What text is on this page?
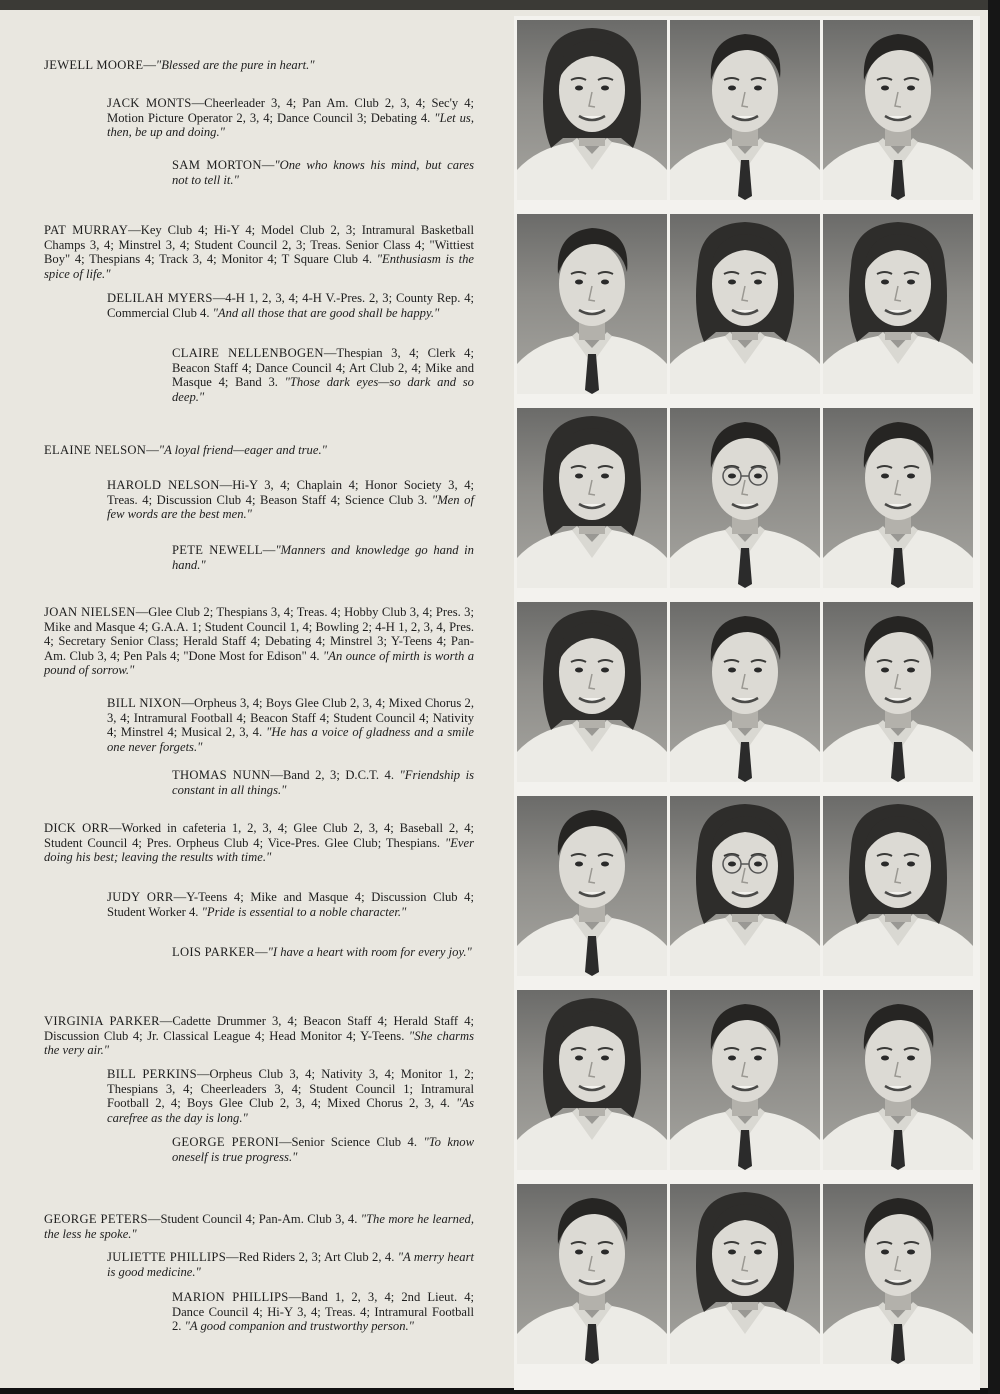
JEWELL MOORE—"Blessed are the pure in heart."
JACK MONTS—Cheerleader 3, 4; Pan Am. Club 2, 3, 4; Sec'y 4; Motion Picture Operator 2, 3, 4; Dance Council 3; Debating 4. "Let us, then, be up and doing."
SAM MORTON—"One who knows his mind, but cares not to tell it."
PAT MURRAY—Key Club 4; Hi-Y 4; Model Club 2, 3; Intramural Basketball Champs 3, 4; Minstrel 3, 4; Student Council 2, 3; Treas. Senior Class 4; "Wittiest Boy" 4; Thespians 4; Track 3, 4; Monitor 4; T Square Club 4. "Enthusiasm is the spice of life."
DELILAH MYERS—4-H 1, 2, 3, 4; 4-H V.-Pres. 2, 3; County Rep. 4; Commercial Club 4. "And all those that are good shall be happy."
CLAIRE NELLENBOGEN—Thespian 3, 4; Clerk 4; Beacon Staff 4; Dance Council 4; Art Club 2, 4; Mike and Masque 4; Band 3. "Those dark eyes—so dark and so deep."
ELAINE NELSON—"A loyal friend—eager and true."
HAROLD NELSON—Hi-Y 3, 4; Chaplain 4; Honor Society 3, 4; Treas. 4; Discussion Club 4; Beason Staff 4; Science Club 3. "Men of few words are the best men."
PETE NEWELL—"Manners and knowledge go hand in hand."
JOAN NIELSEN—Glee Club 2; Thespians 3, 4; Treas. 4; Hobby Club 3, 4; Pres. 3; Mike and Masque 4; G.A.A. 1; Student Council 1, 4; Bowling 2; 4-H 1, 2, 3, 4, Pres. 4; Secretary Senior Class; Herald Staff 4; Debating 4; Minstrel 3; Y-Teens 4; Pan-Am. Club 3, 4; Pen Pals 4; "Done Most for Edison" 4. "An ounce of mirth is worth a pound of sorrow."
BILL NIXON—Orpheus 3, 4; Boys Glee Club 2, 3, 4; Mixed Chorus 2, 3, 4; Intramural Football 4; Beacon Staff 4; Student Council 4; Nativity 4; Minstrel 4; Musical 2, 3, 4. "He has a voice of gladness and a smile one never forgets."
THOMAS NUNN—Band 2, 3; D.C.T. 4. "Friendship is constant in all things."
DICK ORR—Worked in cafeteria 1, 2, 3, 4; Glee Club 2, 3, 4; Baseball 2, 4; Student Council 4; Pres. Orpheus Club 4; Vice-Pres. Glee Club; Thespians. "Ever doing his best; leaving the results with time."
JUDY ORR—Y-Teens 4; Mike and Masque 4; Discussion Club 4; Student Worker 4. "Pride is essential to a noble character."
LOIS PARKER—"I have a heart with room for every joy."
VIRGINIA PARKER—Cadette Drummer 3, 4; Beacon Staff 4; Herald Staff 4; Discussion Club 4; Jr. Classical League 4; Head Monitor 4; Y-Teens. "She charms the very air."
BILL PERKINS—Orpheus Club 3, 4; Nativity 3, 4; Monitor 1, 2; Thespians 3, 4; Cheerleaders 3, 4; Student Council 1; Intramural Football 2, 4; Boys Glee Club 2, 3, 4; Mixed Chorus 2, 3, 4. "As carefree as the day is long."
GEORGE PERONI—Senior Science Club 4. "To know oneself is true progress."
GEORGE PETERS—Student Council 4; Pan-Am. Club 3, 4. "The more he learned, the less he spoke."
JULIETTE PHILLIPS—Red Riders 2, 3; Art Club 2, 4. "A merry heart is good medicine."
MARION PHILLIPS—Band 1, 2, 3, 4; 2nd Lieut. 4; Dance Council 4; Hi-Y 3, 4; Treas. 4; Intramural Football 2. "A good companion and trustworthy person."
